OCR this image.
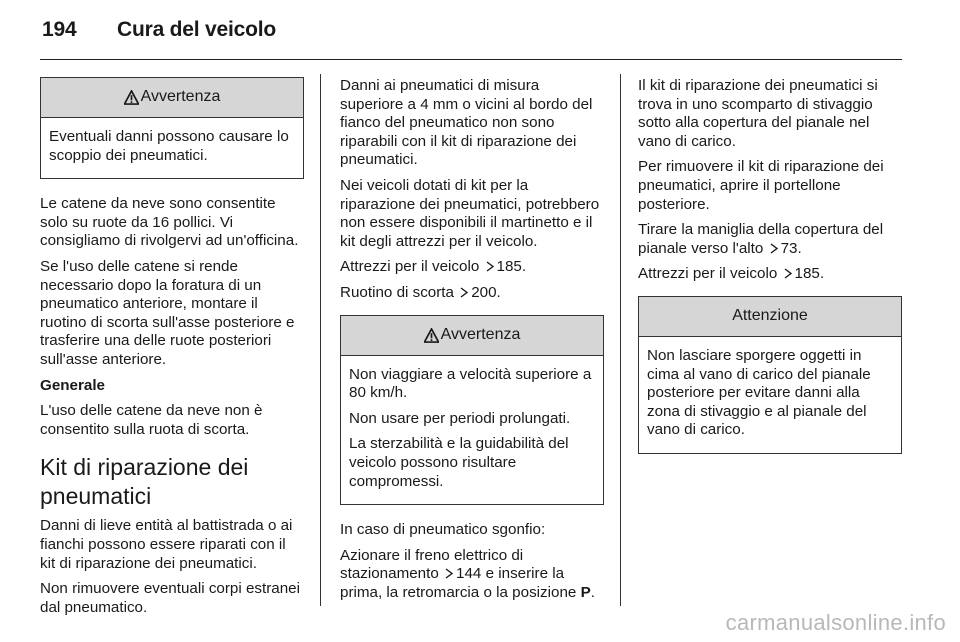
194 Cura del veicolo
Avvertenza

Eventuali danni possono causare lo scoppio dei pneumatici.

Le catene da neve sono consentite solo su ruote da 16 pollici. Vi consigliamo di rivolgervi ad un'officina.

Se l'uso delle catene si rende necessario dopo la foratura di un pneumatico anteriore, montare il ruotino di scorta sull'asse posteriore e trasferire una delle ruote posteriori sull'asse anteriore.

Generale

L'uso delle catene da neve non è consentito sulla ruota di scorta.

Kit di riparazione dei pneumatici

Danni di lieve entità al battistrada o ai fianchi possono essere riparati con il kit di riparazione dei pneumatici.

Non rimuovere eventuali corpi estranei dal pneumatico.

Danni ai pneumatici di misura superiore a 4 mm o vicini al bordo del fianco del pneumatico non sono riparabili con il kit di riparazione dei pneumatici.

Nei veicoli dotati di kit per la riparazione dei pneumatici, potrebbero non essere disponibili il martinetto e il kit degli attrezzi per il veicolo.

Attrezzi per il veicolo 185.

Ruotino di scorta 200.

Avvertenza

Non viaggiare a velocità superiore a 80 km/h.

Non usare per periodi prolungati.

La sterzabilità e la guidabilità del veicolo possono risultare compromessi.

In caso di pneumatico sgonfio:

Azionare il freno elettrico di stazionamento 144 e inserire la prima, la retromarcia o la posizione P.

Il kit di riparazione dei pneumatici si trova in uno scomparto di stivaggio sotto alla copertura del pianale nel vano di carico.

Per rimuovere il kit di riparazione dei pneumatici, aprire il portellone posteriore.

Tirare la maniglia della copertura del pianale verso l'alto 73.

Attrezzi per il veicolo 185.

Attenzione

Non lasciare sporgere oggetti in cima al vano di carico del pianale posteriore per evitare danni alla zona di stivaggio e al pianale del vano di carico.

carmanualsonline.info
